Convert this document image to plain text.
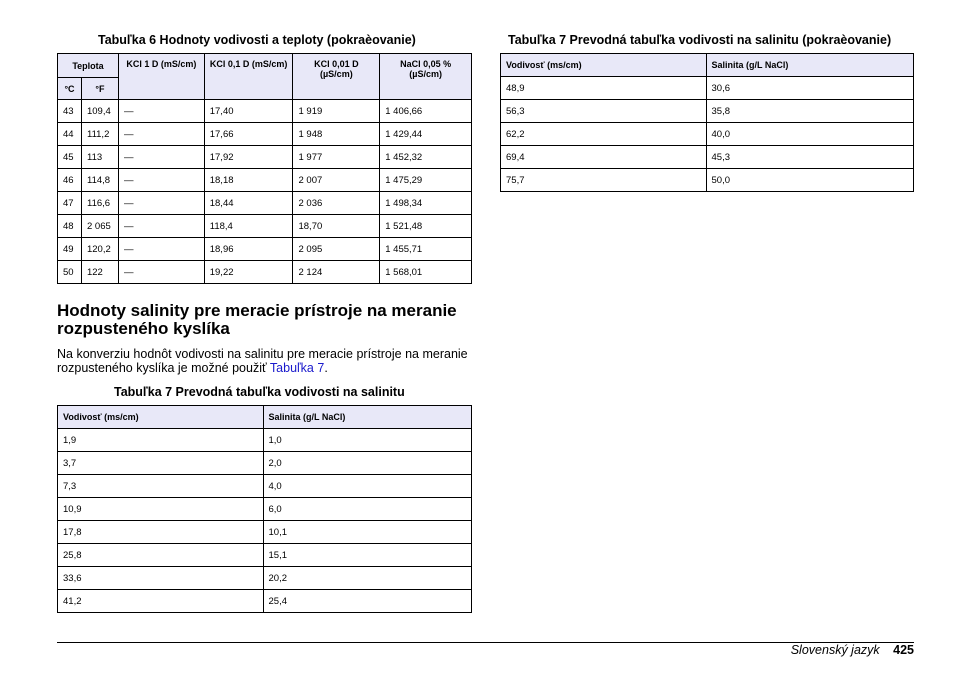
Tabuľka 6 Hodnoty vodivosti a teploty (pokraèovanie)
Teplota		KCl 1 D (mS/cm)	KCl 0,1 D (mS/cm)	KCl 0,01 D (µS/cm)	NaCl 0,05 % (µS/cm)
°C	°F				
43	109,4	—	17,40	1 919	1 406,66
44	111,2	—	17,66	1 948	1 429,44
45	113	—	17,92	1 977	1 452,32
46	114,8	—	18,18	2 007	1 475,29
47	116,6	—	18,44	2 036	1 498,34
48	2 065	—	118,4	18,70	1 521,48
49	120,2	—	18,96	2 095	1 455,71
50	122	—	19,22	2 124	1 568,01
Hodnoty salinity pre meracie prístroje na meranie rozpusteného kyslíka
Na konverziu hodnôt vodivosti na salinitu pre meracie prístroje na meranie rozpusteného kyslíka je možné použiť Tabuľka 7.
Tabuľka 7 Prevodná tabuľka vodivosti na salinitu
Vodivosť (ms/cm)	Salinita (g/L NaCl)
1,9	1,0
3,7	2,0
7,3	4,0
10,9	6,0
17,8	10,1
25,8	15,1
33,6	20,2
41,2	25,4
Tabuľka 7 Prevodná tabuľka vodivosti na salinitu (pokraèovanie)
Vodivosť (ms/cm)	Salinita (g/L NaCl)
48,9	30,6
56,3	35,8
62,2	40,0
69,4	45,3
75,7	50,0
Slovenský jazyk 425
